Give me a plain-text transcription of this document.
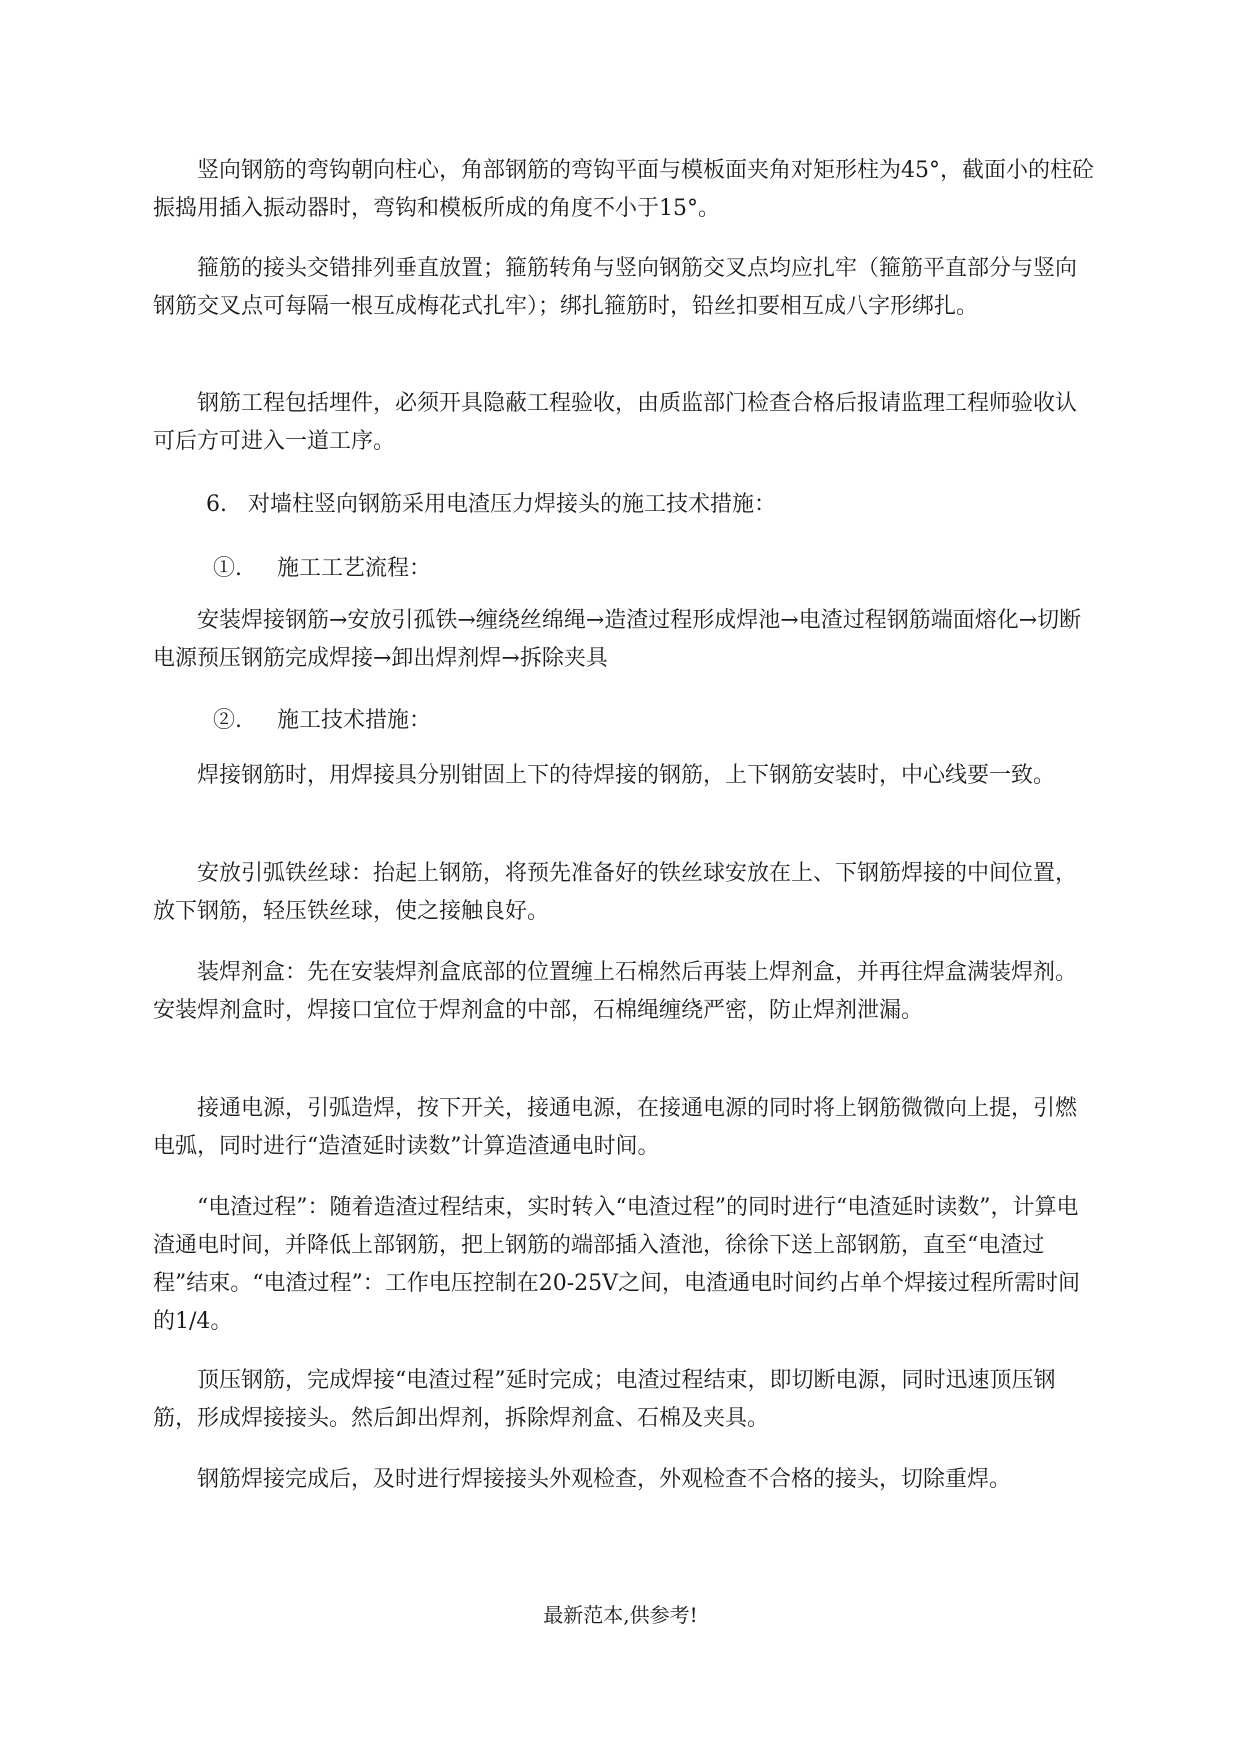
竖向钢筋的弯钩朝向柱心，角部钢筋的弯钩平面与模板面夹角对矩形柱为45°，截面小的柱砼振捣用插入振动器时，弯钩和模板所成的角度不小于15°。

箍筋的接头交错排列垂直放置；箍筋转角与竖向钢筋交叉点均应扎牢（箍筋平直部分与竖向钢筋交叉点可每隔一根互成梅花式扎牢）；绑扎箍筋时，铅丝扣要相互成八字形绑扎。

钢筋工程包括埋件，必须开具隐蔽工程验收，由质监部门检查合格后报请监理工程师验收认可后方可进入一道工序。

6.   对墙柱竖向钢筋采用电渣压力焊接头的施工技术措施：

①.     施工工艺流程：

安装焊接钢筋→安放引孤铁→缠绕丝绵绳→造渣过程形成焊池→电渣过程钢筋端面熔化→切断电源预压钢筋完成焊接→卸出焊剂焊→拆除夹具

②.     施工技术措施：

焊接钢筋时，用焊接具分别钳固上下的待焊接的钢筋，上下钢筋安装时，中心线要一致。

安放引弧铁丝球：抬起上钢筋，将预先准备好的铁丝球安放在上、下钢筋焊接的中间位置，放下钢筋，轻压铁丝球，使之接触良好。

装焊剂盒：先在安装焊剂盒底部的位置缠上石棉然后再装上焊剂盒，并再往焊盒满装焊剂。安装焊剂盒时，焊接口宜位于焊剂盒的中部，石棉绳缠绕严密，防止焊剂泄漏。

接通电源，引弧造焊，按下开关，接通电源，在接通电源的同时将上钢筋微微向上提，引燃电弧，同时进行“造渣延时读数”计算造渣通电时间。

“电渣过程”：随着造渣过程结束，实时转入“电渣过程”的同时进行“电渣延时读数”，计算电渣通电时间，并降低上部钢筋，把上钢筋的端部插入渣池，徐徐下送上部钢筋，直至“电渣过程”结束。“电渣过程”：工作电压控制在20-25V之间，电渣通电时间约占单个焊接过程所需时间的1/4。

顶压钢筋，完成焊接“电渣过程”延时完成；电渣过程结束，即切断电源，同时迅速顶压钢筋，形成焊接接头。然后卸出焊剂，拆除焊剂盒、石棉及夹具。

钢筋焊接完成后，及时进行焊接接头外观检查，外观检查不合格的接头，切除重焊。

最新范本,供参考!
